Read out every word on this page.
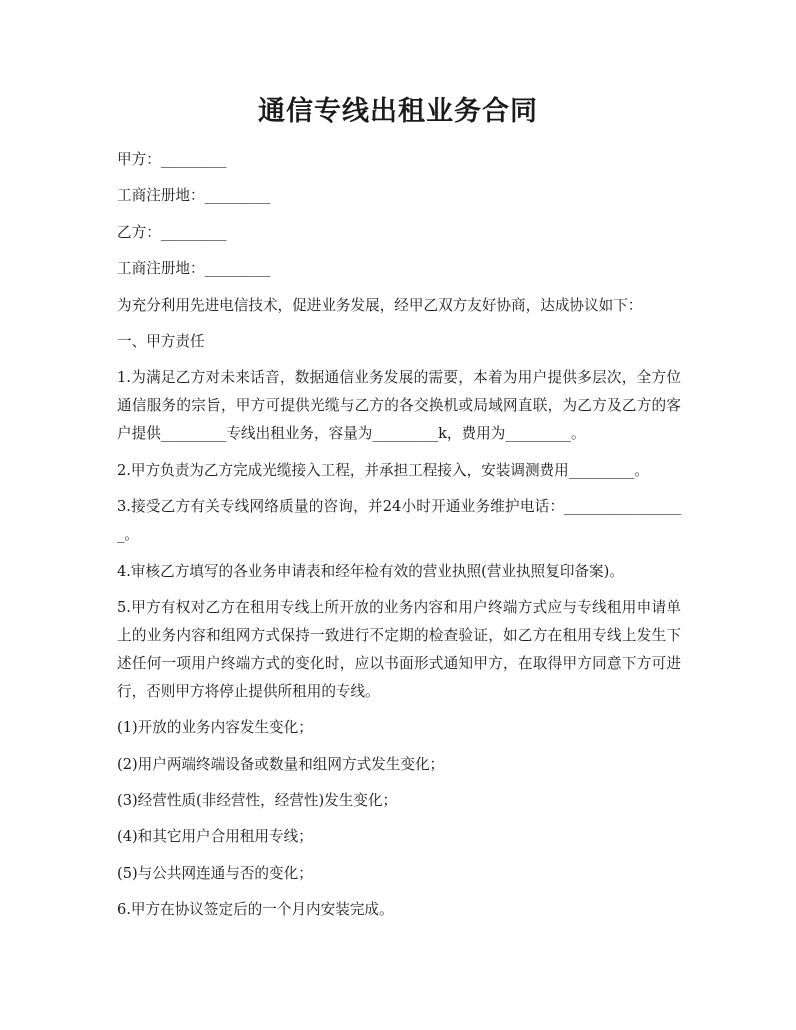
通信专线出租业务合同

甲方：_________

工商注册地：_________

乙方：_________

工商注册地：_________

为充分利用先进电信技术，促进业务发展，经甲乙双方友好协商，达成协议如下：

一、甲方责任

1.为满足乙方对未来话音，数据通信业务发展的需要，本着为用户提供多层次，全方位通信服务的宗旨，甲方可提供光缆与乙方的各交换机或局域网直联，为乙方及乙方的客户提供_________专线出租业务，容量为_________k，费用为_________。

2.甲方负责为乙方完成光缆接入工程，并承担工程接入，安装调测费用_________。

3.接受乙方有关专线网络质量的咨询，并24小时开通业务维护电话：_________________。

4.审核乙方填写的各业务申请表和经年检有效的营业执照(营业执照复印备案)。

5.甲方有权对乙方在租用专线上所开放的业务内容和用户终端方式应与专线租用申请单上的业务内容和组网方式保持一致进行不定期的检查验证，如乙方在租用专线上发生下述任何一项用户终端方式的变化时，应以书面形式通知甲方，在取得甲方同意下方可进行，否则甲方将停止提供所租用的专线。

(1)开放的业务内容发生变化；

(2)用户两端终端设备或数量和组网方式发生变化；

(3)经营性质(非经营性，经营性)发生变化；

(4)和其它用户合用租用专线；

(5)与公共网连通与否的变化；

6.甲方在协议签定后的一个月内安装完成。
